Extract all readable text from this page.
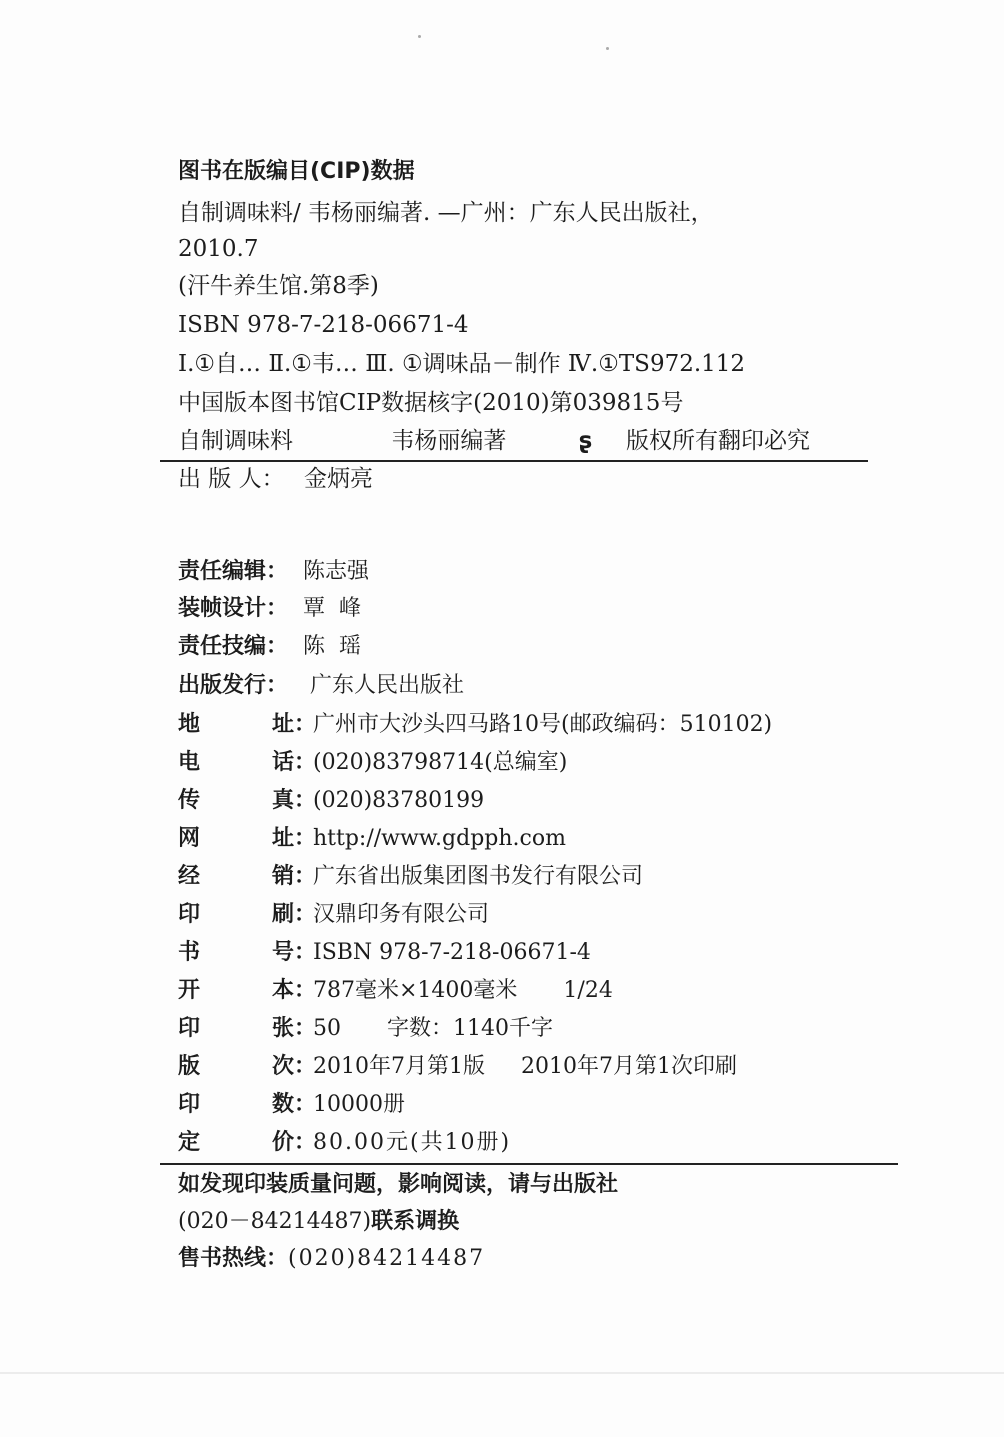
图书在版编目(CIP)数据
自制调味料/ 韦杨丽编著. —广州：广东人民出版社，
2010.7
(汗牛养生馆.第8季)
ISBN 978-7-218-06671-4
Ⅰ.①自… Ⅱ.①韦… Ⅲ. ①调味品－制作 Ⅳ.①TS972.112
中国版本图书馆CIP数据核字(2010)第039815号
自制调味料	韦杨丽编著	ʂ 版权所有翻印必究
出 版 人： 金炳亮
责任编辑： 陈志强
装帧设计： 覃  峰
责任技编： 陈  瑶
出版发行： 广东人民出版社
地	址：
广州市大沙头四马路10号(邮政编码：510102)
电	话：
(020)83798714(总编室)
传	真：
(020)83780199
网	址：
http://www.gdpph.com
经	销：
广东省出版集团图书发行有限公司
印	刷：
汉鼎印务有限公司
书	号：
ISBN 978-7-218-06671-4
开	本：
787毫米×1400毫米 1/24
印	张：
50 字数：1140千字
版	次：
2010年7月第1版 2010年7月第1次印刷
印	数：
10000册
定	价：
80.00元(共10册)
如发现印装质量问题，影响阅读，请与出版社
(020－84214487)联系调换
售书热线：(020)84214487
